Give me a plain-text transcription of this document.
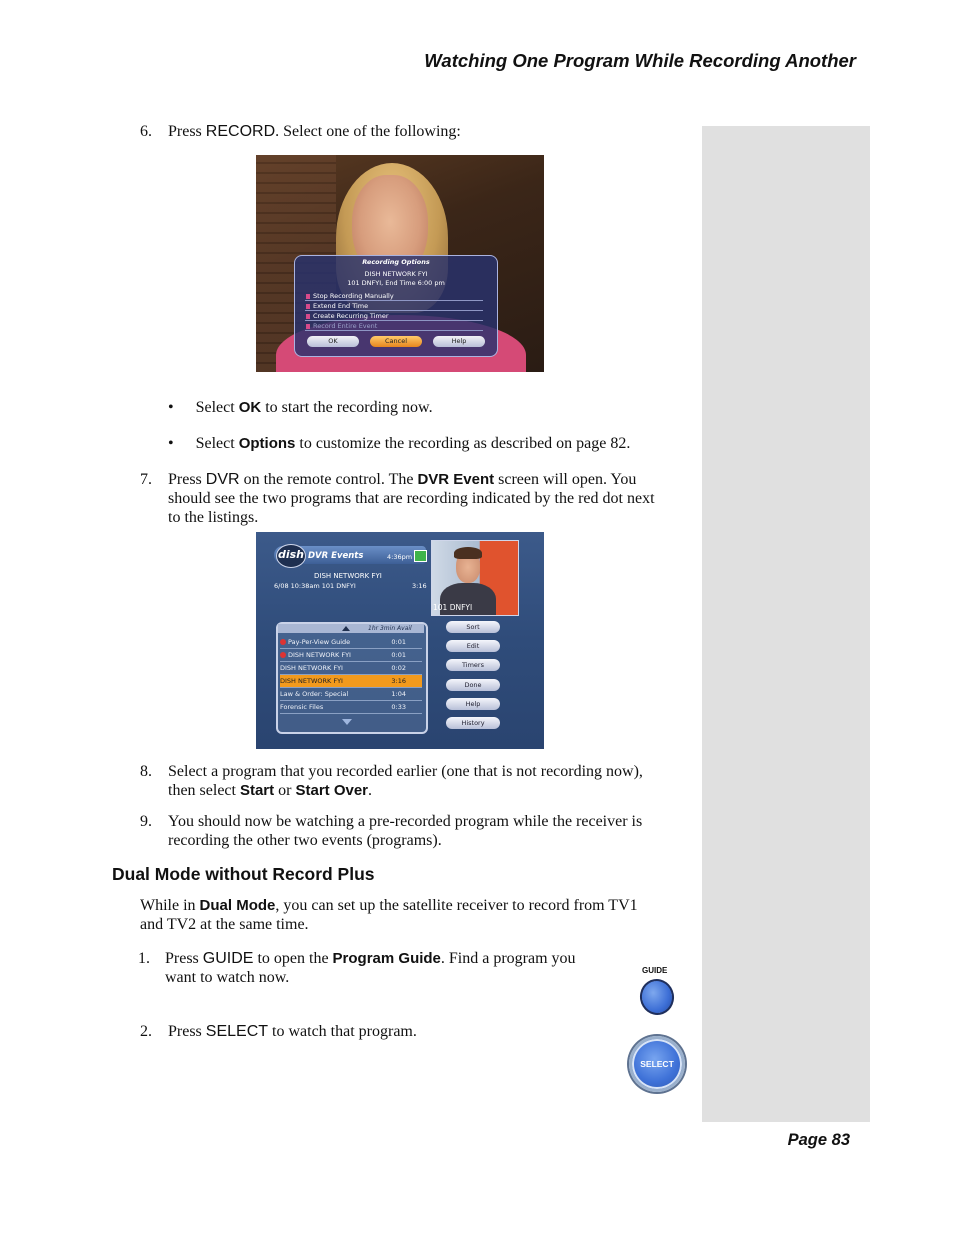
Watching One Program While Recording Another
Page 83
6.	Press RECORD. Select one of the following:
Recording Options
DISH NETWORK FYI
101 DNFYI, End Time 6:00 pm
Stop Recording Manually
Extend End Time
Create Recurring Timer
Record Entire Event
OK	Cancel	Help
• Select OK to start the recording now.
• Select Options to customize the recording as described on page 82.
7.	Press DVR on the remote control. The DVR Event screen will open. You
should see the two programs that are recording indicated by the red dot next
to the listings.
dish DVR Events	4:36pm
DISH NETWORK FYI
6/08 10:38am 101 DNFYI	3:16
101 DNFYI
1hr 3min Avail
Pay-Per-View Guide	0:01
DISH NETWORK FYI	0:01
DISH NETWORK FYI	0:02
DISH NETWORK FYI	3:16
Law & Order: Special	1:04
Forensic Files	0:33
Sort
Edit
Timers
Done
Help
History
8.	Select a program that you recorded earlier (one that is not recording now),
then select Start or Start Over.
9.	You should now be watching a pre-recorded program while the receiver is
recording the other two events (programs).
Dual Mode without Record Plus
While in Dual Mode, you can set up the satellite receiver to record from TV1
and TV2 at the same time.
1. Press GUIDE to open the Program Guide. Find a program you
want to watch now.
2.	Press SELECT to watch that program.
GUIDE
SELECT
